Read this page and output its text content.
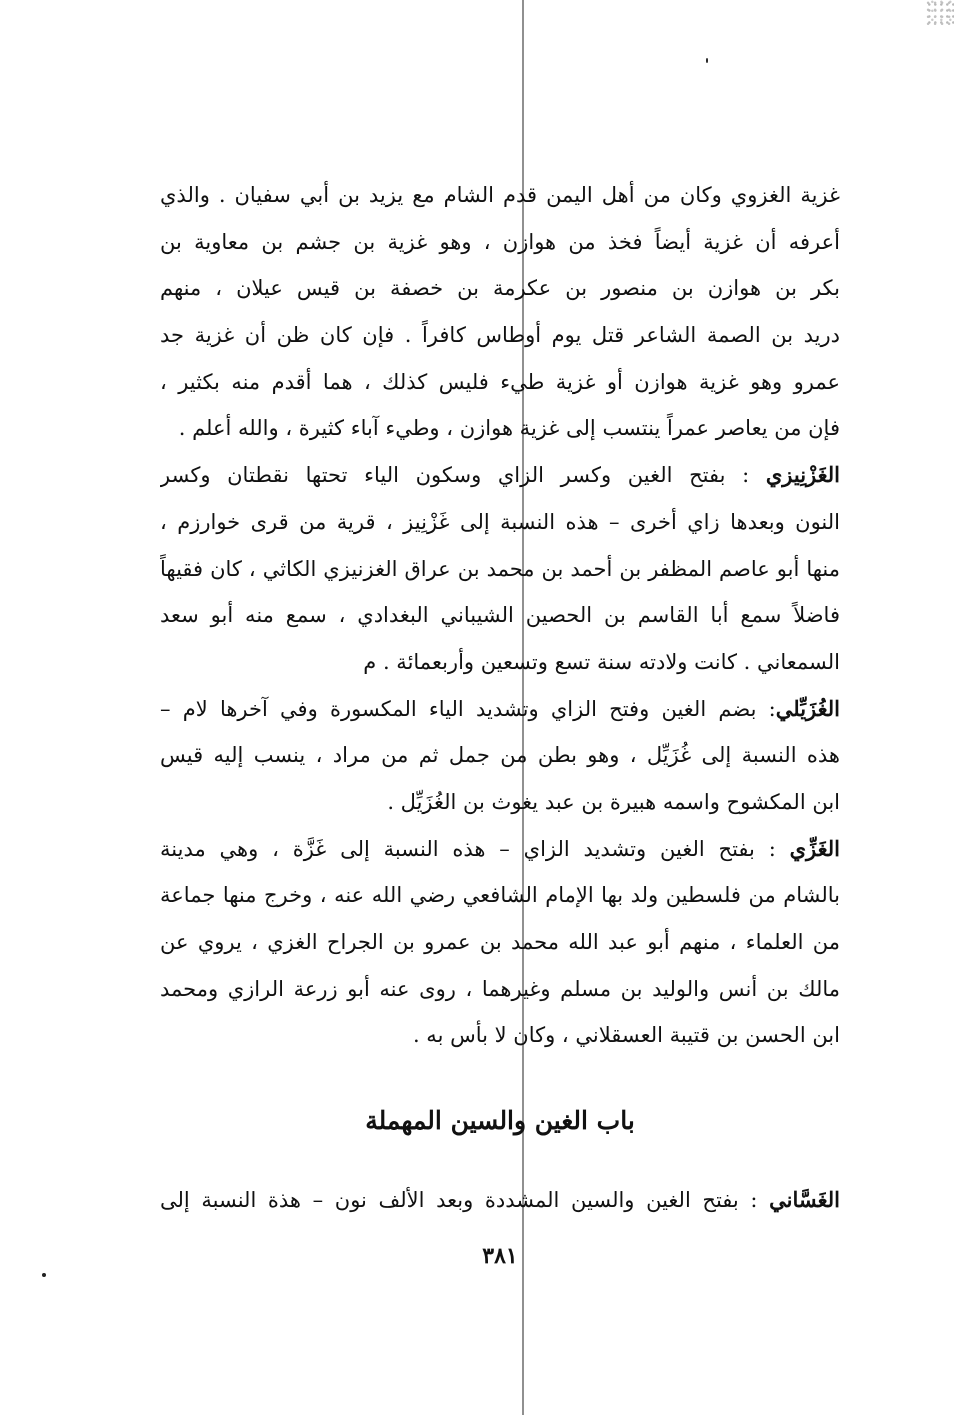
غزية الغزوي وكان من أهل اليمن قدم الشام مع يزيد بن أبي سفيان . والذي
أعرفه أن غزية أيضاً فخذ من هوازن ، وهو غزية بن جشم بن معاوية بن
بكر بن هوازن بن منصور بن عكرمة بن خصفة بن قيس عيلان ، منهم
دريد بن الصمة الشاعر قتل يوم أوطاس كافراً . فإن كان ظن أن غزية جد
عمرو وهو غزية هوازن أو غزية طيء فليس كذلك ، هما أقدم منه بكثير ،
فإن من يعاصر عمراً ينتسب إلى غزية هوازن ، وطيء آباء كثيرة ، والله أعلم .
الغَزْنِيزي : بفتح الغين وكسر الزاي وسكون الياء تحتها نقطتان وكسر
النون وبعدها زاي أخرى – هذه النسبة إلى غَزْنِيز ، قرية من قرى خوارزم ،
منها أبو عاصم المظفر بن أحمد بن محمد بن عراق الغزنيزي الكاثي ، كان فقيهاً
فاضلاً سمع أبا القاسم بن الحصين الشيباني البغدادي ، سمع منه أبو سعد
السمعاني . كانت ولادته سنة تسع وتسعين وأربعمائة . م
الغُزَيِّلي: بضم الغين وفتح الزاي وتشديد الياء المكسورة وفي آخرها لام –
هذه النسبة إلى غُزَيِّل ، وهو بطن من جمل ثم من مراد ، ينسب إليه قيس
ابن المكشوح واسمه هبيرة بن عبد يغوث بن الغُزَيِّل .
الغَزِّي : بفتح الغين وتشديد الزاي – هذه النسبة إلى غَزَّة ، وهي مدينة
بالشام من فلسطين ولد بها الإمام الشافعي رضي الله عنه ، وخرج منها جماعة
من العلماء ، منهم أبو عبد الله محمد بن عمرو بن الجراح الغزي ، يروي عن
مالك بن أنس والوليد بن مسلم وغيرهما ، روى عنه أبو زرعة الرازي ومحمد
ابن الحسن بن قتيبة العسقلاني ، وكان لا بأس به .
باب الغين والسين المهملة
الغَسَّاني : بفتح الغين والسين المشددة وبعد الألف نون – هذة النسبة إلى
٣٨١
